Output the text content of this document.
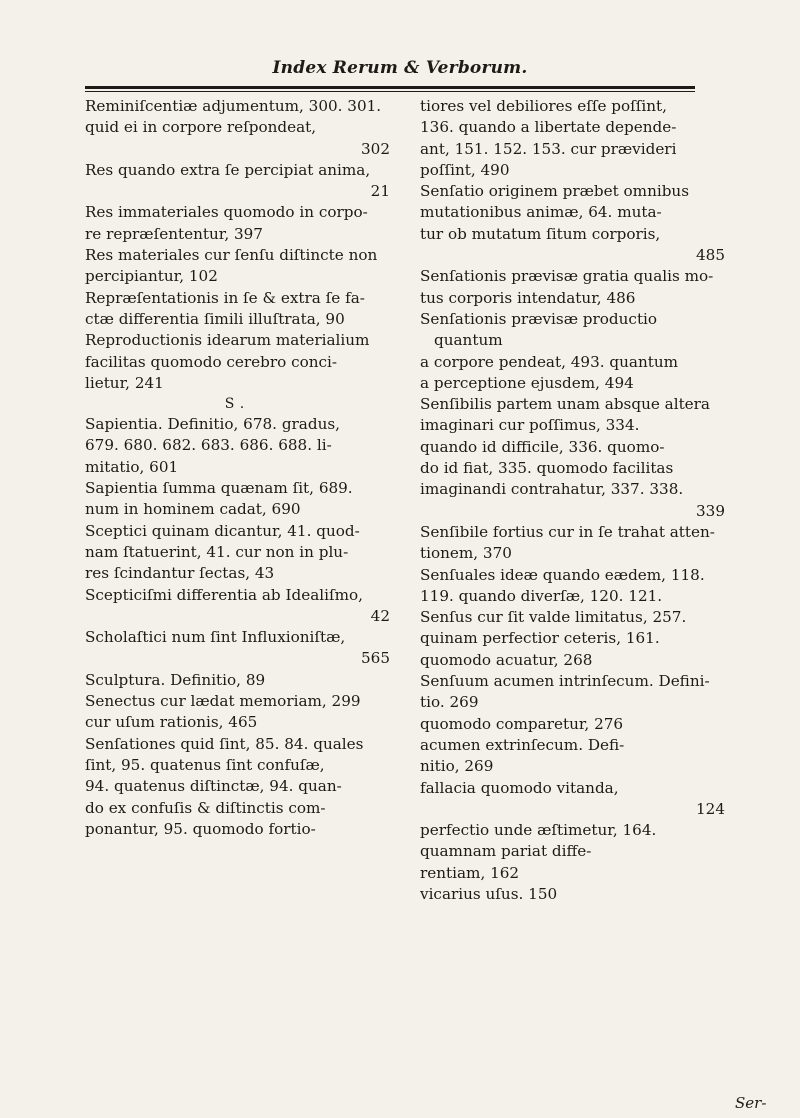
Index Rerum & Verborum.
Reminiſcentiæ adjumentum, 300. 301.
quid ei in corpore reſpondeat,
302
Res quando extra ſe percipiat anima,
21
Res immateriales quomodo in corpo-
re repræſententur, 397
Res materiales cur ſenſu diſtincte non
percipiantur, 102
Repræſentationis in ſe & extra ſe fa-
ctæ differentia ſimili illuſtrata, 90
Reproductionis idearum materialium
facilitas quomodo cerebro conci-
lietur, 241
S.
Sapientia. Definitio, 678. gradus,
679. 680. 682. 683. 686. 688. li-
mitatio, 601
Sapientia ſumma quænam ſit, 689.
num in hominem cadat, 690
Sceptici quinam dicantur, 41. quod-
nam ſtatuerint, 41. cur non in plu-
res ſcindantur ſectas, 43
Scepticiſmi differentia ab Idealiſmo,
42
Scholaſtici num ſint Influxioniſtæ,
565
Sculptura. Definitio, 89
Senectus cur lædat memoriam, 299
cur uſum rationis, 465
Senſationes quid ſint, 85. 84. quales
ſint, 95. quatenus ſint confuſæ,
94. quatenus diſtinctæ, 94. quan-
do ex confuſis & diſtinctis com-
ponantur, 95. quomodo fortio-
tiores vel debiliores eſſe poſſint,
136. quando a libertate depende-
ant, 151. 152. 153. cur prævideri
poſſint, 490
Senſatio originem præbet omnibus
mutationibus animæ, 64. muta-
tur ob mutatum ſitum corporis,
485
Senſationis prævisæ gratia qualis mo-
tus corporis intendatur, 486
Senſationis prævisæ productio quantum
a corpore pendeat, 493. quantum
a perceptione ejusdem, 494
Senſibilis partem unam absque altera
imaginari cur poſſimus, 334.
quando id difficile, 336. quomo-
do id fiat, 335. quomodo facilitas
imaginandi contrahatur, 337. 338.
339
Senſibile fortius cur in ſe trahat atten-
tionem, 370
Senſuales ideæ quando eædem, 118.
119. quando diverſæ, 120. 121.
Senſus cur ſit valde limitatus, 257.
quinam perfectior ceteris, 161.
quomodo acuatur, 268
Senſuum acumen intrinſecum. Defini-
tio. 269
quomodo comparetur, 276
acumen extrinſecum. Defi-
nitio, 269
fallacia quomodo vitanda,
124
perfectio unde æſtimetur, 164.
quamnam pariat diffe-
rentiam, 162
vicarius uſus. 150
Ser-
